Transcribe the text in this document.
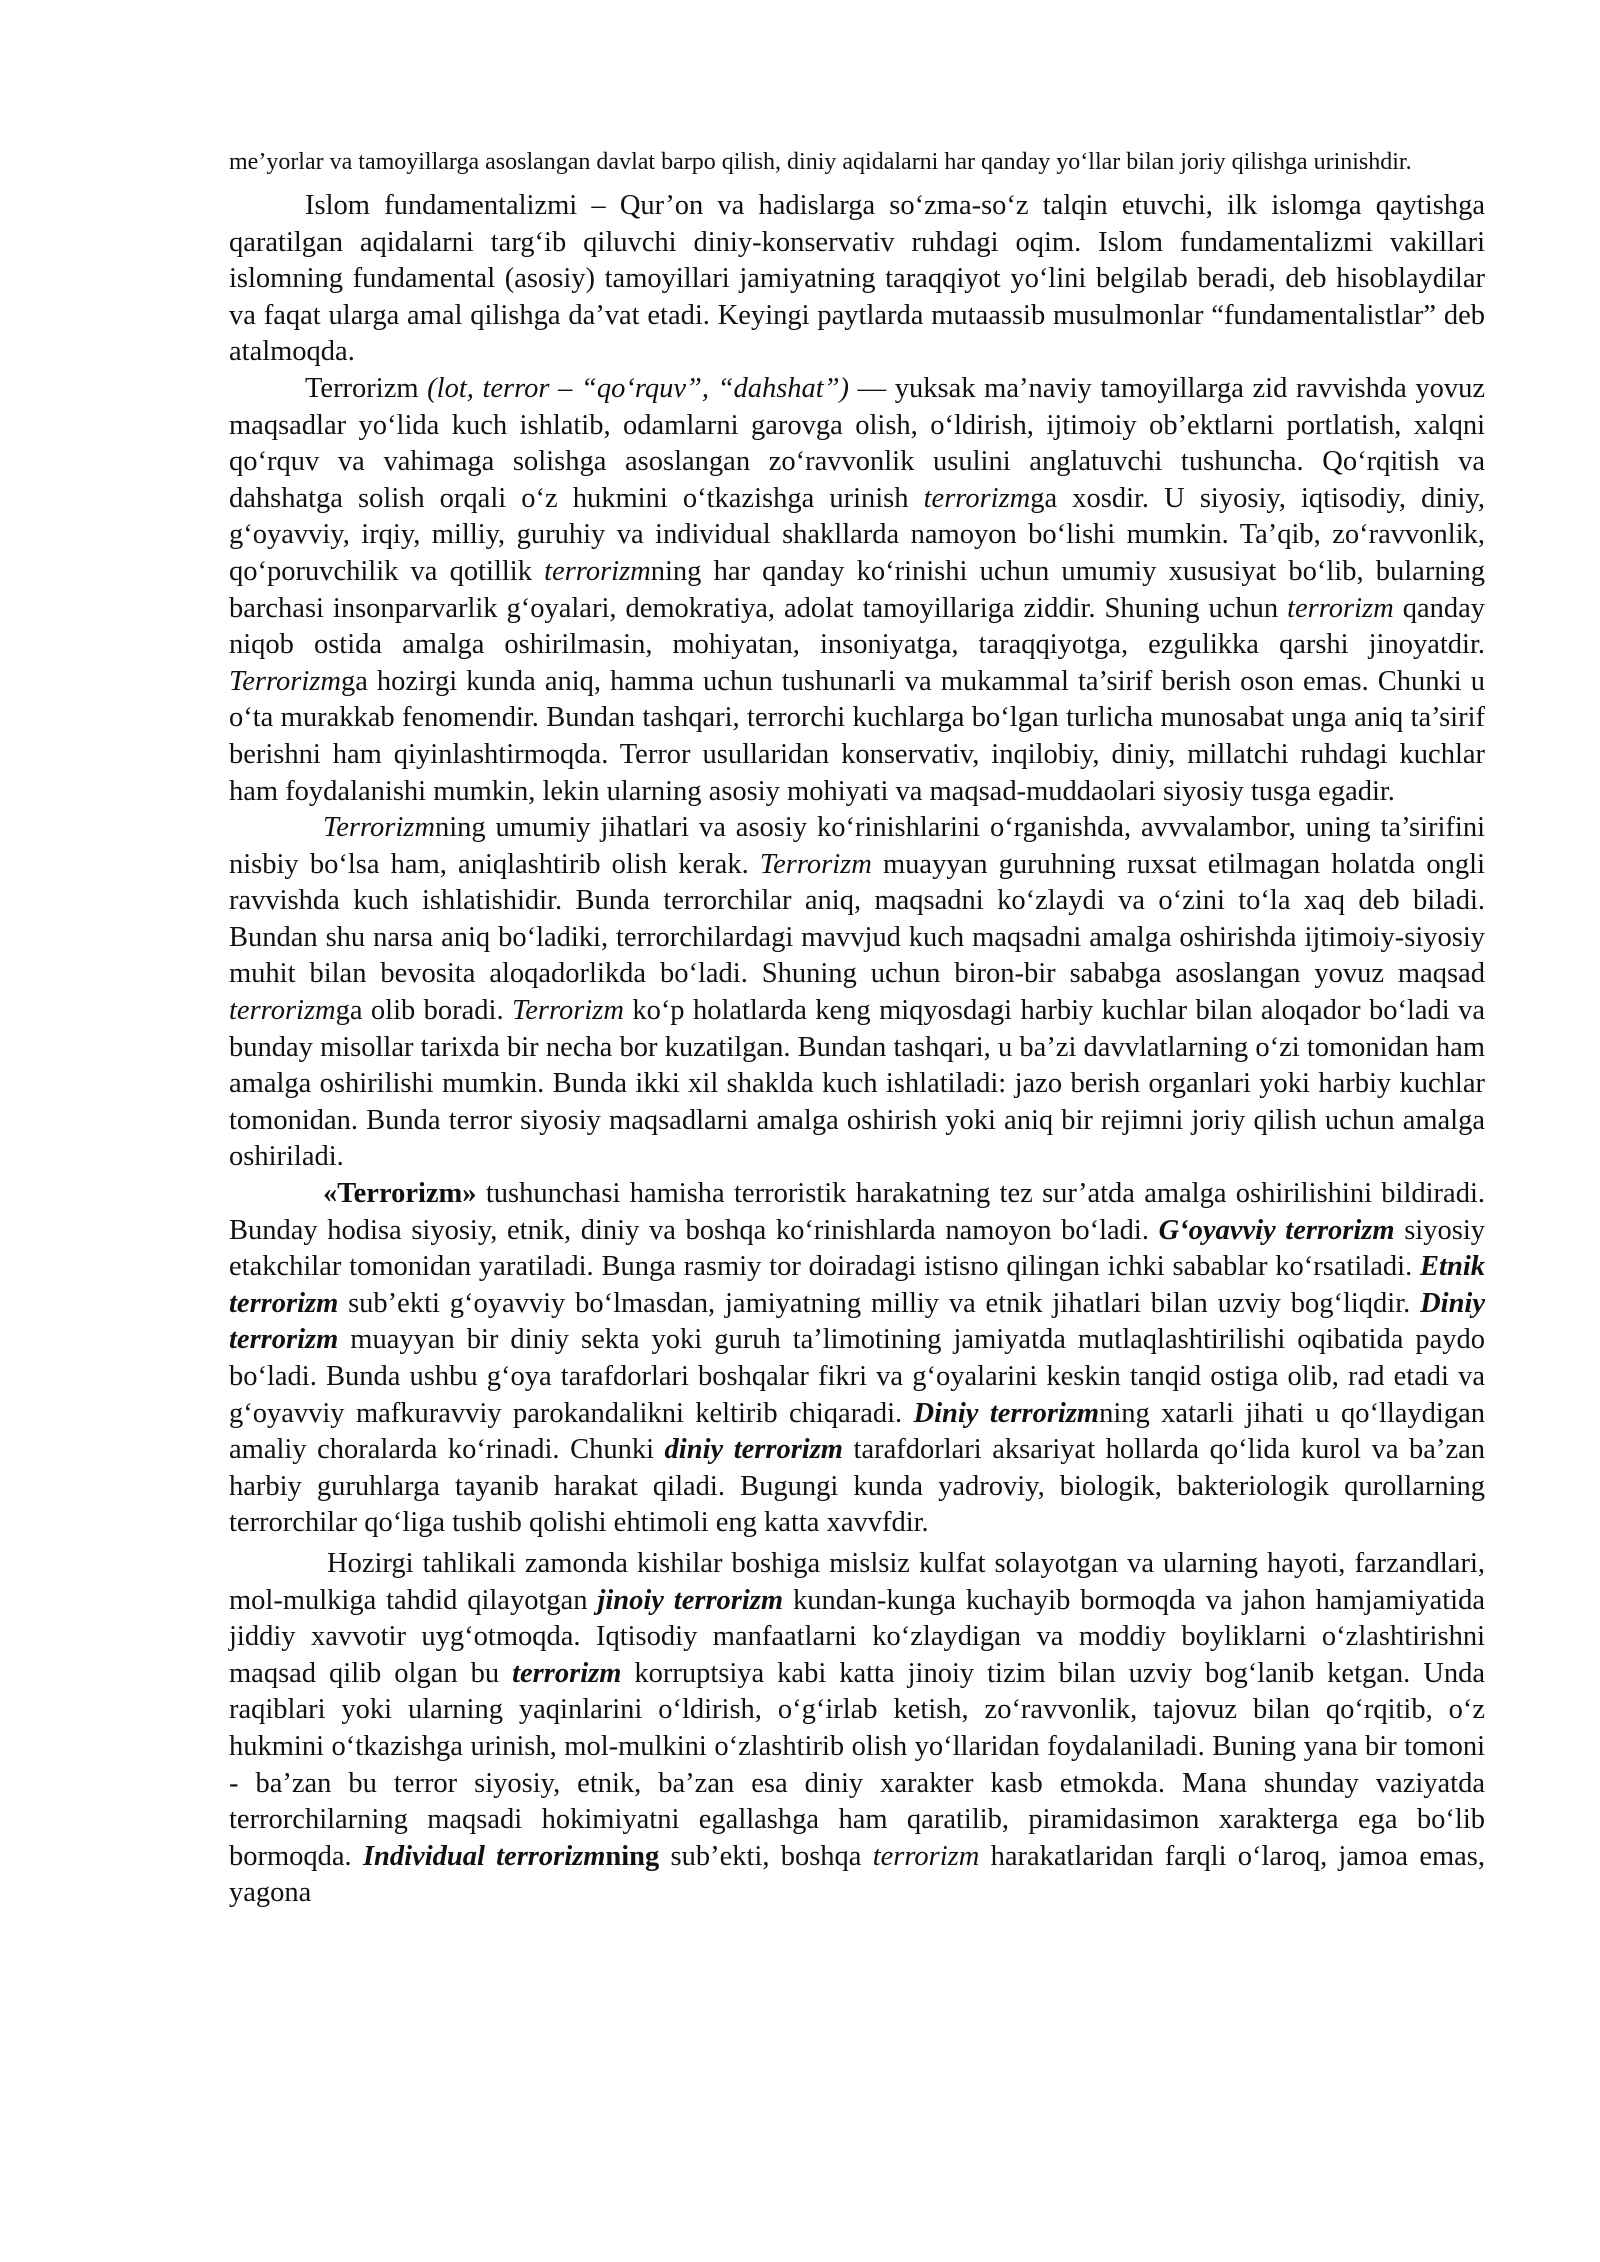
me’yorlar va tamoyillarga asoslangan davlat barpo qilish, diniy aqidalarni har qanday yo‘llar bilan joriy qilishga urinishdir.

Islom fundamentalizmi – Qur’on va hadislarga so‘zma-so‘z talqin etuvchi, ilk islomga qaytishga qaratilgan aqidalarni targ‘ib qiluvchi diniy-konservativ ruhdagi oqim. Islom fundamentalizmi vakillari islomning fundamental (asosiy) tamoyillari jamiyatning taraqqiyot yo‘lini belgilab beradi, deb hisoblaydilar va faqat ularga amal qilishga da’vat etadi. Keyingi paytlarda mutaassib musulmonlar “fundamentalistlar” deb atalmoqda.

Terrorizm (lot, terror – “qo‘rquv”, “dahshat”) — yuksak ma’naviy tamoyillarga zid ravvishda yovuz maqsadlar yo‘lida kuch ishlatib, odamlarni garovga olish, o‘ldirish, ijtimoiy ob’ektlarni portlatish, xalqni qo‘rquv va vahimaga solishga asoslangan zo‘ravvonlik usulini anglatuvchi tushuncha. Qo‘rqitish va dahshatga solish orqali o‘z hukmini o‘tkazishga urinish terrorizmga xosdir. U siyosiy, iqtisodiy, diniy, g‘oyavviy, irqiy, milliy, guruhiy va individual shakllarda namoyon bo‘lishi mumkin. Ta’qib, zo‘ravvonlik, qo‘poruvchilik va qotillik terrorizmning har qanday ko‘rinishi uchun umumiy xususiyat bo‘lib, bularning barchasi insonparvarlik g‘oyalari, demokratiya, adolat tamoyillariga ziddir. Shuning uchun terrorizm qanday niqob ostida amalga oshirilmasin, mohiyatan, insoniyatga, taraqqiyotga, ezgulikka qarshi jinoyatdir. Terrorizmga hozirgi kunda aniq, hamma uchun tushunarli va mukammal ta’sirif berish oson emas. Chunki u o‘ta murakkab fenomendir. Bundan tashqari, terrorchi kuchlarga bo‘lgan turlicha munosabat unga aniq ta’sirif berishni ham qiyinlashtirmoqda. Terror usullaridan konservativ, inqilobiy, diniy, millatchi ruhdagi kuchlar ham foydalanishi mumkin, lekin ularning asosiy mohiyati va maqsad-muddaolari siyosiy tusga egadir.

Terrorizmning umumiy jihatlari va asosiy ko‘rinishlarini o‘rganishda, avvvalambor, uning ta’sirifini nisbiy bo‘lsa ham, aniqlashtirib olish kerak. Terrorizm muayyan guruhning ruxsat etilmagan holatda ongli ravvishda kuch ishlatishidir. Bunda terrorchilar aniq, maqsadni ko‘zlaydi va o‘zini to‘la xaq deb biladi. Bundan shu narsa aniq bo‘ladiki, terrorchilardagi mavvjud kuch maqsadni amalga oshirishda ijtimoiy-siyosiy muhit bilan bevosita aloqadorlikda bo‘ladi. Shuning uchun biron-bir sababga asoslangan yovuz maqsad terrorizmga olib boradi. Terrorizm ko‘p holatlarda keng miqyosdagi harbiy kuchlar bilan aloqador bo‘ladi va bunday misollar tarixda bir necha bor kuzatilgan. Bundan tashqari, u ba’zi davvlatlarning o‘zi tomonidan ham amalga oshirilishi mumkin. Bunda ikki xil shaklda kuch ishlatiladi: jazo berish organlari yoki harbiy kuchlar tomonidan. Bunda terror siyosiy maqsadlarni amalga oshirish yoki aniq bir rejimni joriy qilish uchun amalga oshiriladi.

«Terrorizm» tushunchasi hamisha terroristik harakatning tez sur’atda amalga oshirilishini bildiradi. Bunday hodisa siyosiy, etnik, diniy va boshqa ko‘rinishlarda namoyon bo‘ladi. G‘oyavviy terrorizm siyosiy etakchilar tomonidan yaratiladi. Bunga rasmiy tor doiradagi istisno qilingan ichki sabablar ko‘rsatiladi. Etnik terrorizm sub’ekti g‘oyavviy bo‘lmasdan, jamiyatning milliy va etnik jihatlari bilan uzviy bog‘liqdir. Diniy terrorizm muayyan bir diniy sekta yoki guruh ta’limotining jamiyatda mutlaqlashtirilishi oqibatida paydo bo‘ladi. Bunda ushbu g‘oya tarafdorlari boshqalar fikri va g‘oyalarini keskin tanqid ostiga olib, rad etadi va g‘oyavviy mafkuravviy parokandalikni keltirib chiqaradi. Diniy terrorizmning xatarli jihati u qo‘llaydigan amaliy choralarda ko‘rinadi. Chunki diniy terrorizm tarafdorlari aksariyat hollarda qo‘lida kurol va ba’zan harbiy guruhlarga tayanib harakat qiladi. Bugungi kunda yadroviy, biologik, bakteriologik qurollarning terrorchilar qo‘liga tushib qolishi ehtimoli eng katta xavvfdir.

Hozirgi tahlikali zamonda kishilar boshiga mislsiz kulfat solayotgan va ularning hayoti, farzandlari, mol-mulkiga tahdid qilayotgan jinoiy terrorizm kundan-kunga kuchayib bormoqda va jahon hamjamiyatida jiddiy xavvotir uyg‘otmoqda. Iqtisodiy manfaatlarni ko‘zlaydigan va moddiy boyliklarni o‘zlashtirishni maqsad qilib olgan bu terrorizm korruptsiya kabi katta jinoiy tizim bilan uzviy bog‘lanib ketgan. Unda raqiblari yoki ularning yaqinlarini o‘ldirish, o‘g‘irlab ketish, zo‘ravvonlik, tajovuz bilan qo‘rqitib, o‘z hukmini o‘tkazishga urinish, mol-mulkini o‘zlashtirib olish yo‘llaridan foydalaniladi. Buning yana bir tomoni - ba’zan bu terror siyosiy, etnik, ba’zan esa diniy xarakter kasb etmokda. Mana shunday vaziyatda terrorchilarning maqsadi hokimiyatni egallashga ham qaratilib, piramidasimon xarakterga ega bo‘lib bormoqda. Individual terrorizmning sub’ekti, boshqa terrorizm harakatlaridan farqli o‘laroq, jamoa emas, yagona
